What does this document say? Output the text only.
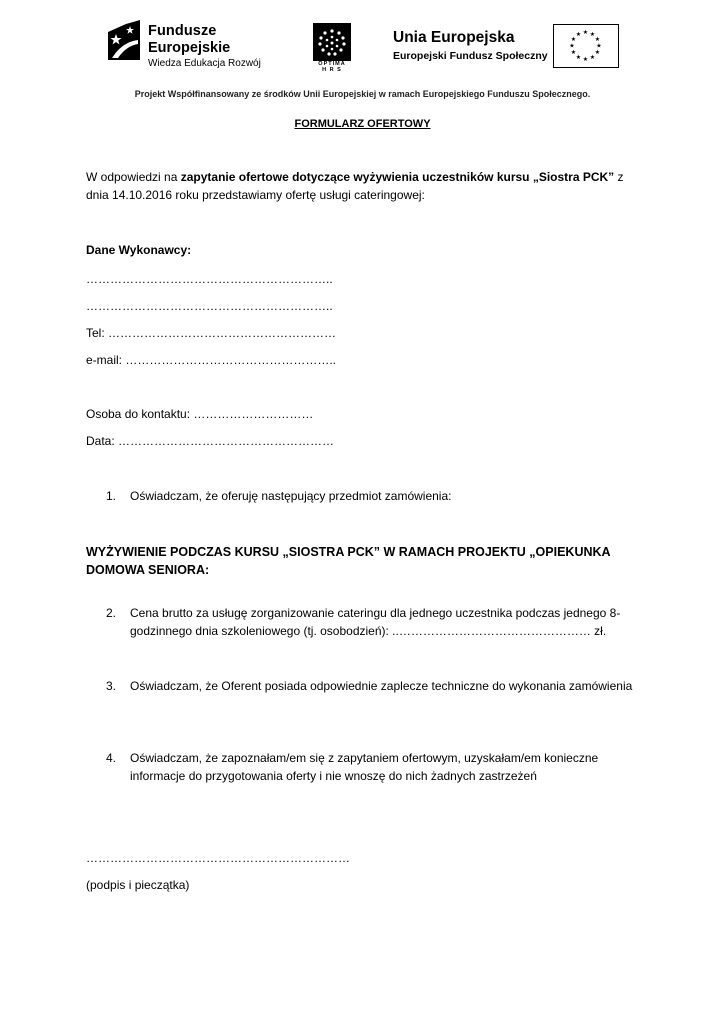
Fundusze
Europejskie
Wiedza Edukacja Rozwój	OPTIMA
H R S
Unia Europejska
Europejski Fundusz Społeczny
★ ★
★
★
★
★
★
★
★
★
★
★
Projekt Współfinansowany ze środków Unii Europejskiej w ramach Europejskiego Funduszu Społecznego.
FORMULARZ OFERTOWY
W odpowiedzi na zapytanie ofertowe dotyczące wyżywienia uczestników kursu „Siostra PCK” z dnia 14.10.2016 roku przedstawiamy ofertę usługi cateringowej:
Dane Wykonawcy:
……………………………………………………..
……………………………………………………..
Tel: …………………………………………………
e-mail: ……………………………………………..
Osoba do kontaktu: …………………………
Data: ………………………………………………
1.	Oświadczam, że oferuję następujący przedmiot zamówienia:
WYŻYWIENIE PODCZAS KURSU „SIOSTRA PCK” W RAMACH PROJEKTU „OPIEKUNKA DOMOWA SENIORA:
2.	Cena brutto za usługę zorganizowanie cateringu dla jednego uczestnika podczas jednego 8-godzinnego dnia szkoleniowego (tj. osobodzień): ..………………………………………… zł.
3.	Oświadczam, że Oferent posiada odpowiednie zaplecze techniczne do wykonania zamówienia
4.	Oświadczam, że zapoznałam/em się z zapytaniem ofertowym, uzyskałam/em konieczne informacje do przygotowania oferty i nie wnoszę do nich żadnych zastrzeżeń
…………………………………………………………
(podpis i pieczątka)
